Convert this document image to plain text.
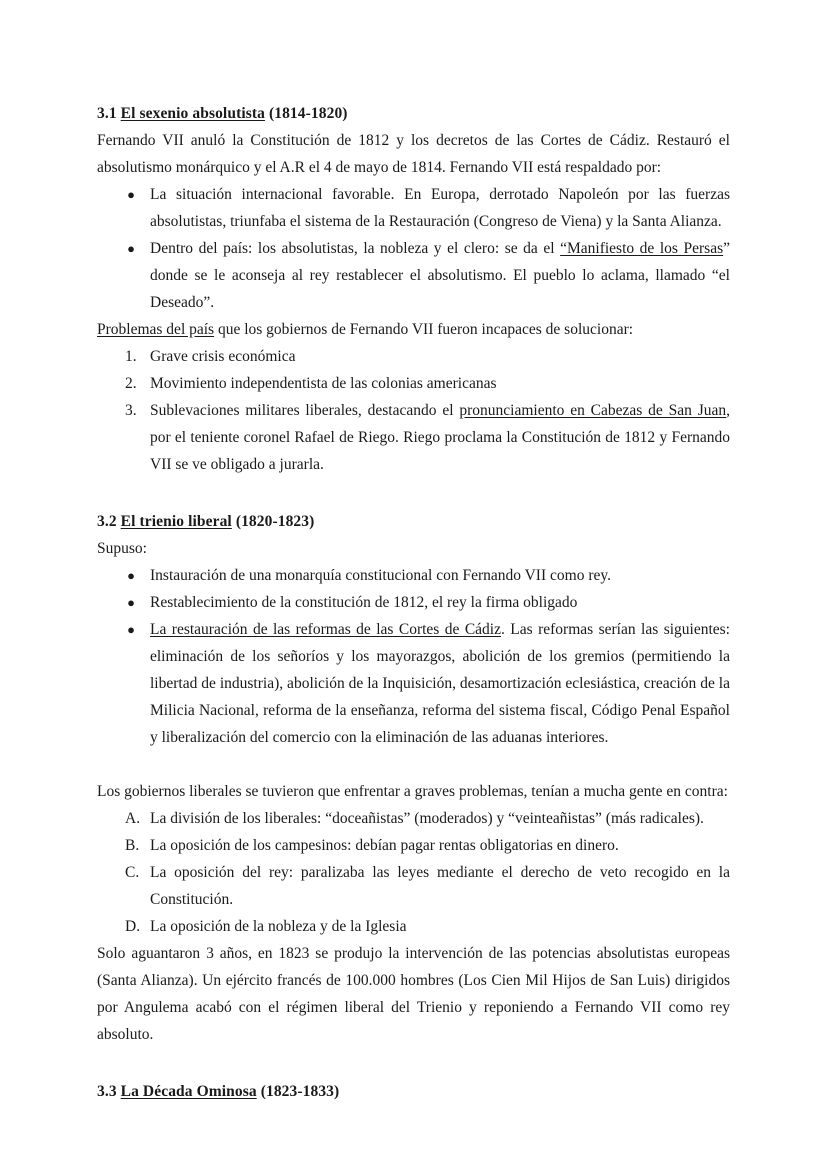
3.1 El sexenio absolutista (1814-1820)

Fernando VII anuló la Constitución de 1812 y los decretos de las Cortes de Cádiz. Restauró el absolutismo monárquico y el A.R el 4 de mayo de 1814. Fernando VII está respaldado por:

● La situación internacional favorable. En Europa, derrotado Napoleón por las fuerzas absolutistas, triunfaba el sistema de la Restauración (Congreso de Viena) y la Santa Alianza.
● Dentro del país: los absolutistas, la nobleza y el clero: se da el “Manifiesto de los Persas” donde se le aconseja al rey restablecer el absolutismo. El pueblo lo aclama, llamado “el Deseado”.

Problemas del país que los gobiernos de Fernando VII fueron incapaces de solucionar:

1. Grave crisis económica
2. Movimiento independentista de las colonias americanas
3. Sublevaciones militares liberales, destacando el pronunciamiento en Cabezas de San Juan, por el teniente coronel Rafael de Riego. Riego proclama la Constitución de 1812 y Fernando VII se ve obligado a jurarla.

3.2 El trienio liberal (1820-1823)

Supuso:

● Instauración de una monarquía constitucional con Fernando VII como rey.
● Restablecimiento de la constitución de 1812, el rey la firma obligado
● La restauración de las reformas de las Cortes de Cádiz. Las reformas serían las siguientes: eliminación de los señoríos y los mayorazgos, abolición de los gremios (permitiendo la libertad de industria), abolición de la Inquisición, desamortización eclesiástica, creación de la Milicia Nacional, reforma de la enseñanza, reforma del sistema fiscal, Código Penal Español y liberalización del comercio con la eliminación de las aduanas interiores.

Los gobiernos liberales se tuvieron que enfrentar a graves problemas, tenían a mucha gente en contra:

A. La división de los liberales: “doceañistas” (moderados) y “veinteañistas” (más radicales).
B. La oposición de los campesinos: debían pagar rentas obligatorias en dinero.
C. La oposición del rey: paralizaba las leyes mediante el derecho de veto recogido en la Constitución.
D. La oposición de la nobleza y de la Iglesia

Solo aguantaron 3 años, en 1823 se produjo la intervención de las potencias absolutistas europeas (Santa Alianza). Un ejército francés de 100.000 hombres (Los Cien Mil Hijos de San Luis) dirigidos por Angulema acabó con el régimen liberal del Trienio y reponiendo a Fernando VII como rey absoluto.

3.3 La Década Ominosa (1823-1833)
